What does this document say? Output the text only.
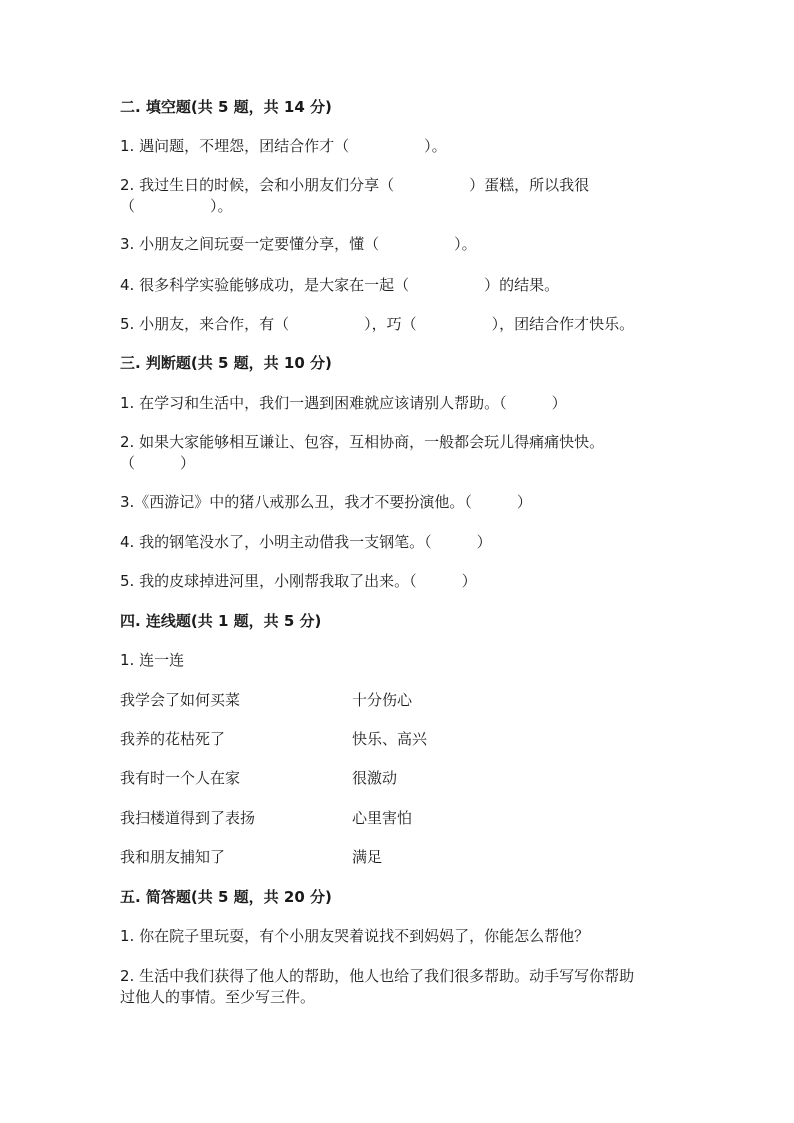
二. 填空题(共 5 题，共 14 分)
1. 遇问题，不埋怨，团结合作才（　　　　　）。
2. 我过生日的时候，会和小朋友们分享（　　　　　）蛋糕，所以我很
（　　　　　）。
3. 小朋友之间玩耍一定要懂分享，懂（　　　　　）。
4. 很多科学实验能够成功，是大家在一起（　　　　　）的结果。
5. 小朋友，来合作，有（　　　　　），巧（　　　　　），团结合作才快乐。
三. 判断题(共 5 题，共 10 分)
1. 在学习和生活中，我们一遇到困难就应该请别人帮助。（　　　）
2. 如果大家能够相互谦让、包容，互相协商，一般都会玩儿得痛痛快快。
（　　　）
3.《西游记》中的猪八戒那么丑，我才不要扮演他。（　　　）
4. 我的钢笔没水了，小明主动借我一支钢笔。（　　　）
5. 我的皮球掉进河里，小刚帮我取了出来。（　　　）
四. 连线题(共 1 题，共 5 分)
1. 连一连
我学会了如何买菜	十分伤心
我养的花枯死了	快乐、高兴
我有时一个人在家	很激动
我扫楼道得到了表扬	心里害怕
我和朋友捕知了	满足
五. 简答题(共 5 题，共 20 分)
1. 你在院子里玩耍，有个小朋友哭着说找不到妈妈了，你能怎么帮他？
2. 生活中我们获得了他人的帮助，他人也给了我们很多帮助。动手写写你帮助
过他人的事情。至少写三件。
